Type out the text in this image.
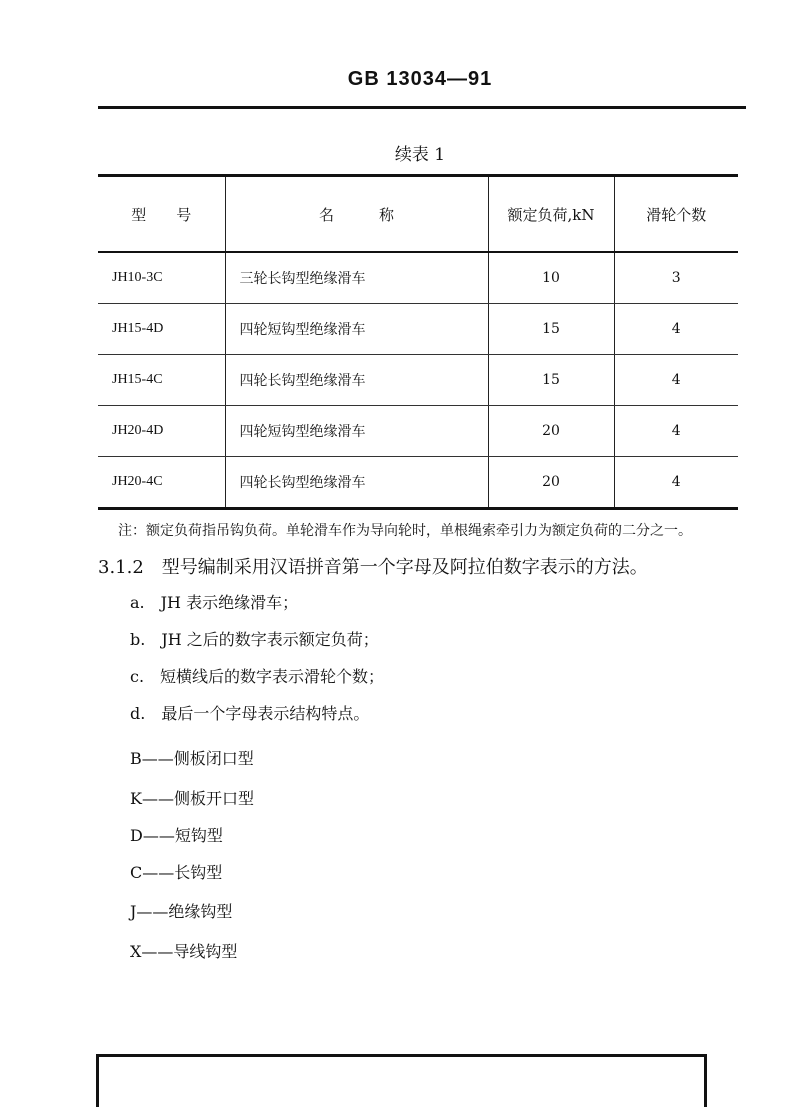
GB 13034—91
续表 1
型　　号	名　　　称	额定负荷,kN	滑轮个数
JH10-3C	三轮长钩型绝缘滑车	10	3
JH15-4D	四轮短钩型绝缘滑车	15	4
JH15-4C	四轮长钩型绝缘滑车	15	4
JH20-4D	四轮短钩型绝缘滑车	20	4
JH20-4C	四轮长钩型绝缘滑车	20	4
注：额定负荷指吊钩负荷。单轮滑车作为导向轮时，单根绳索牵引力为额定负荷的二分之一。
3.1.2　型号编制采用汉语拼音第一个字母及阿拉伯数字表示的方法。
a.　JH 表示绝缘滑车；
b.　JH 之后的数字表示额定负荷；
c.　短横线后的数字表示滑轮个数；
d.　最后一个字母表示结构特点。
B——侧板闭口型
K——侧板开口型
D——短钩型
C——长钩型
J——绝缘钩型
X——导线钩型
